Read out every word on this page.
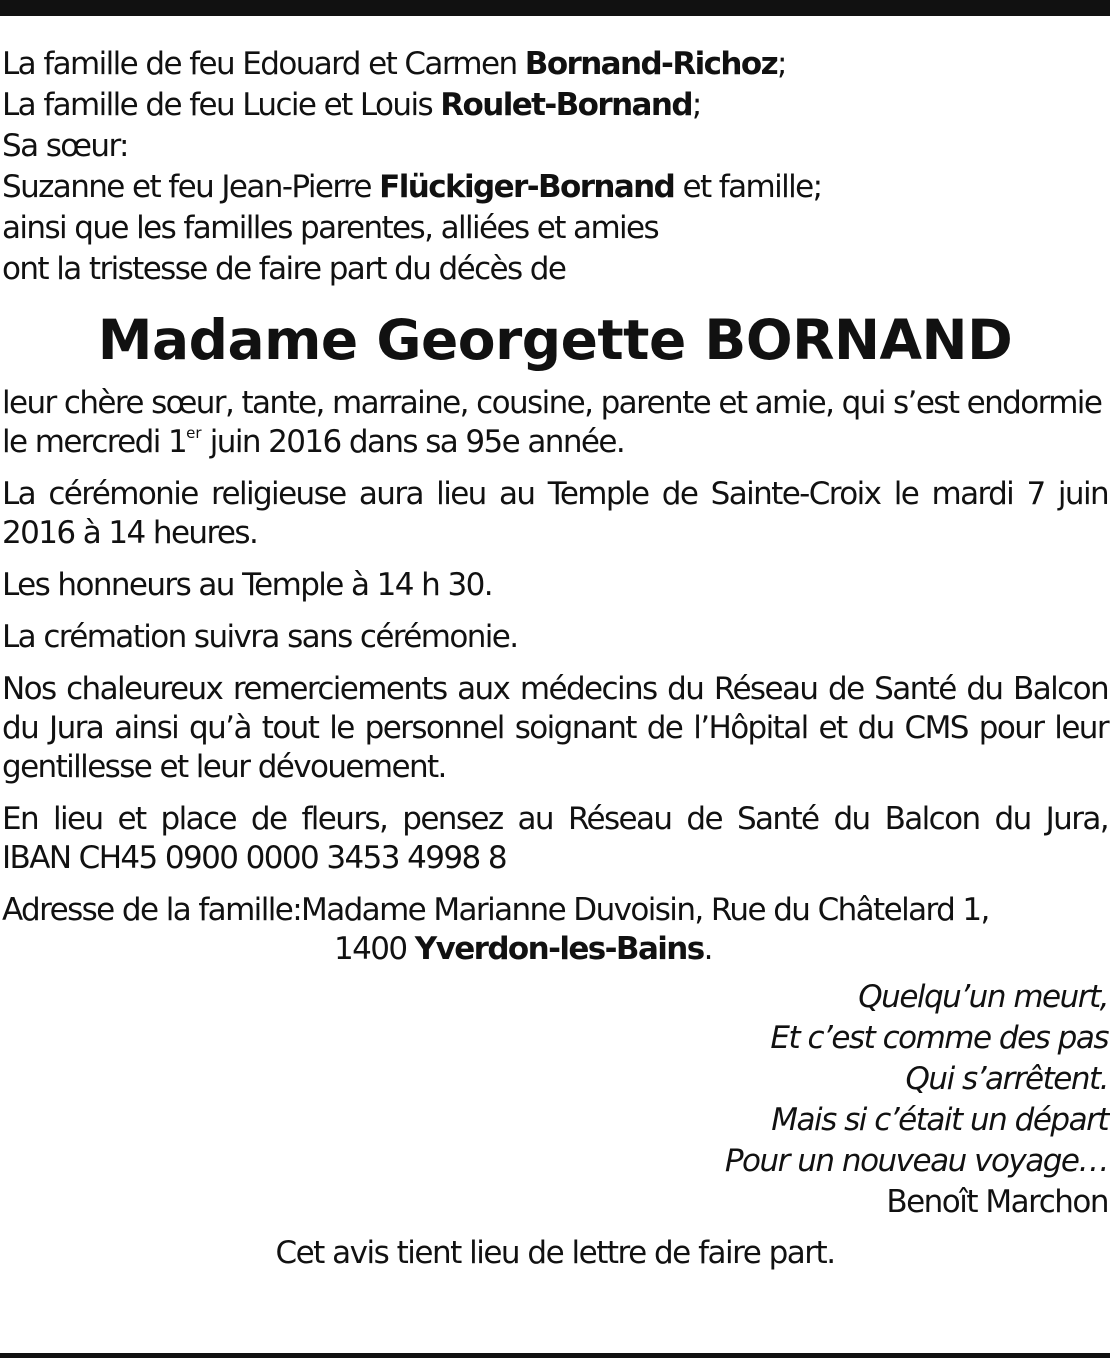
La famille de feu Edouard et Carmen Bornand-Richoz;
La famille de feu Lucie et Louis Roulet-Bornand;
Sa sœur:
Suzanne et feu Jean-Pierre Flückiger-Bornand et famille;
ainsi que les familles parentes, alliées et amies
ont la tristesse de faire part du décès de
Madame Georgette BORNAND
leur chère sœur, tante, marraine, cousine, parente et amie, qui s’est endormie
le mercredi 1er juin 2016 dans sa 95e année.
La cérémonie religieuse aura lieu au Temple de Sainte-Croix le mardi 7 juin 2016 à 14 heures.
Les honneurs au Temple à 14 h 30.
La crémation suivra sans cérémonie.
Nos chaleureux remerciements aux médecins du Réseau de Santé du Balcon du Jura ainsi qu’à tout le personnel soignant de l’Hôpital et du CMS pour leur gentillesse et leur dévouement.
En lieu et place de fleurs, pensez au Réseau de Santé du Balcon du Jura,
IBAN CH45 0900 0000 3453 4998 8
Adresse de la famille: Madame Marianne Duvoisin, Rue du Châtelard 1,
1400 Yverdon-les-Bains.
Quelqu’un meurt,
Et c’est comme des pas
Qui s’arrêtent.
Mais si c’était un départ
Pour un nouveau voyage…
Benoît Marchon
Cet avis tient lieu de lettre de faire part.
